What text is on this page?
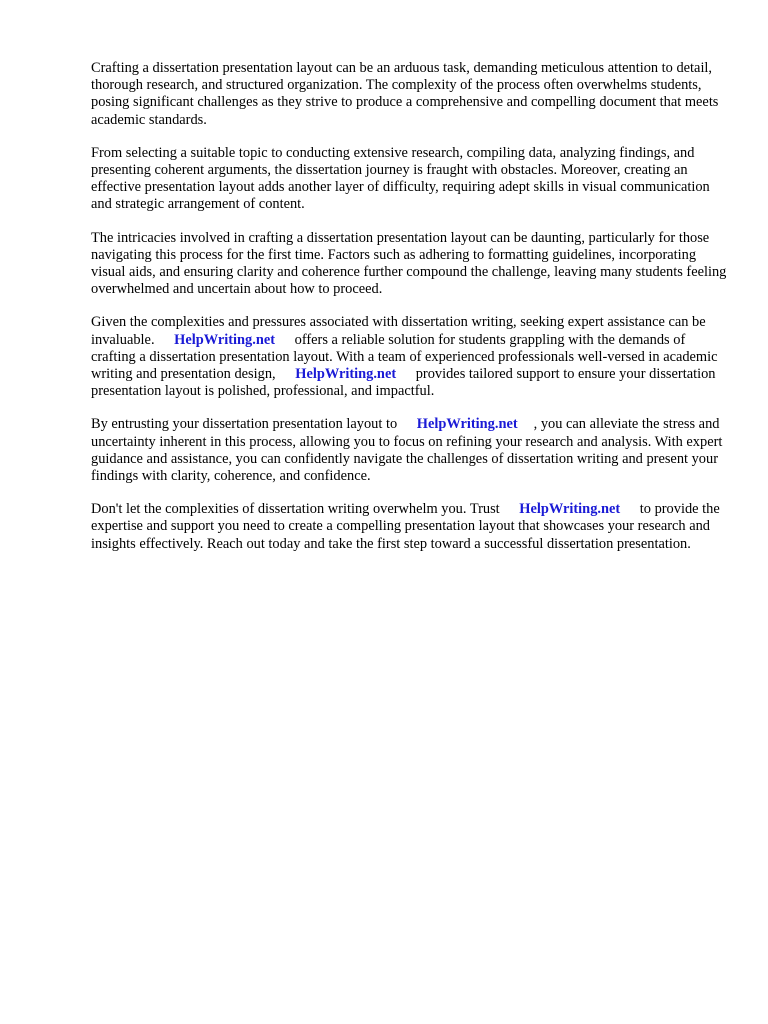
Crafting a dissertation presentation layout can be an arduous task, demanding meticulous attention to detail, thorough research, and structured organization. The complexity of the process often overwhelms students, posing significant challenges as they strive to produce a comprehensive and compelling document that meets academic standards.

From selecting a suitable topic to conducting extensive research, compiling data, analyzing findings, and presenting coherent arguments, the dissertation journey is fraught with obstacles. Moreover, creating an effective presentation layout adds another layer of difficulty, requiring adept skills in visual communication and strategic arrangement of content.

The intricacies involved in crafting a dissertation presentation layout can be daunting, particularly for those navigating this process for the first time. Factors such as adhering to formatting guidelines, incorporating visual aids, and ensuring clarity and coherence further compound the challenge, leaving many students feeling overwhelmed and uncertain about how to proceed.

Given the complexities and pressures associated with dissertation writing, seeking expert assistance can be invaluable. HelpWriting.net offers a reliable solution for students grappling with the demands of crafting a dissertation presentation layout. With a team of experienced professionals well-versed in academic writing and presentation design, HelpWriting.net provides tailored support to ensure your dissertation presentation layout is polished, professional, and impactful.

By entrusting your dissertation presentation layout to HelpWriting.net , you can alleviate the stress and uncertainty inherent in this process, allowing you to focus on refining your research and analysis. With expert guidance and assistance, you can confidently navigate the challenges of dissertation writing and present your findings with clarity, coherence, and confidence.

Don't let the complexities of dissertation writing overwhelm you. Trust HelpWriting.net to provide the expertise and support you need to create a compelling presentation layout that showcases your research and insights effectively. Reach out today and take the first step toward a successful dissertation presentation.
